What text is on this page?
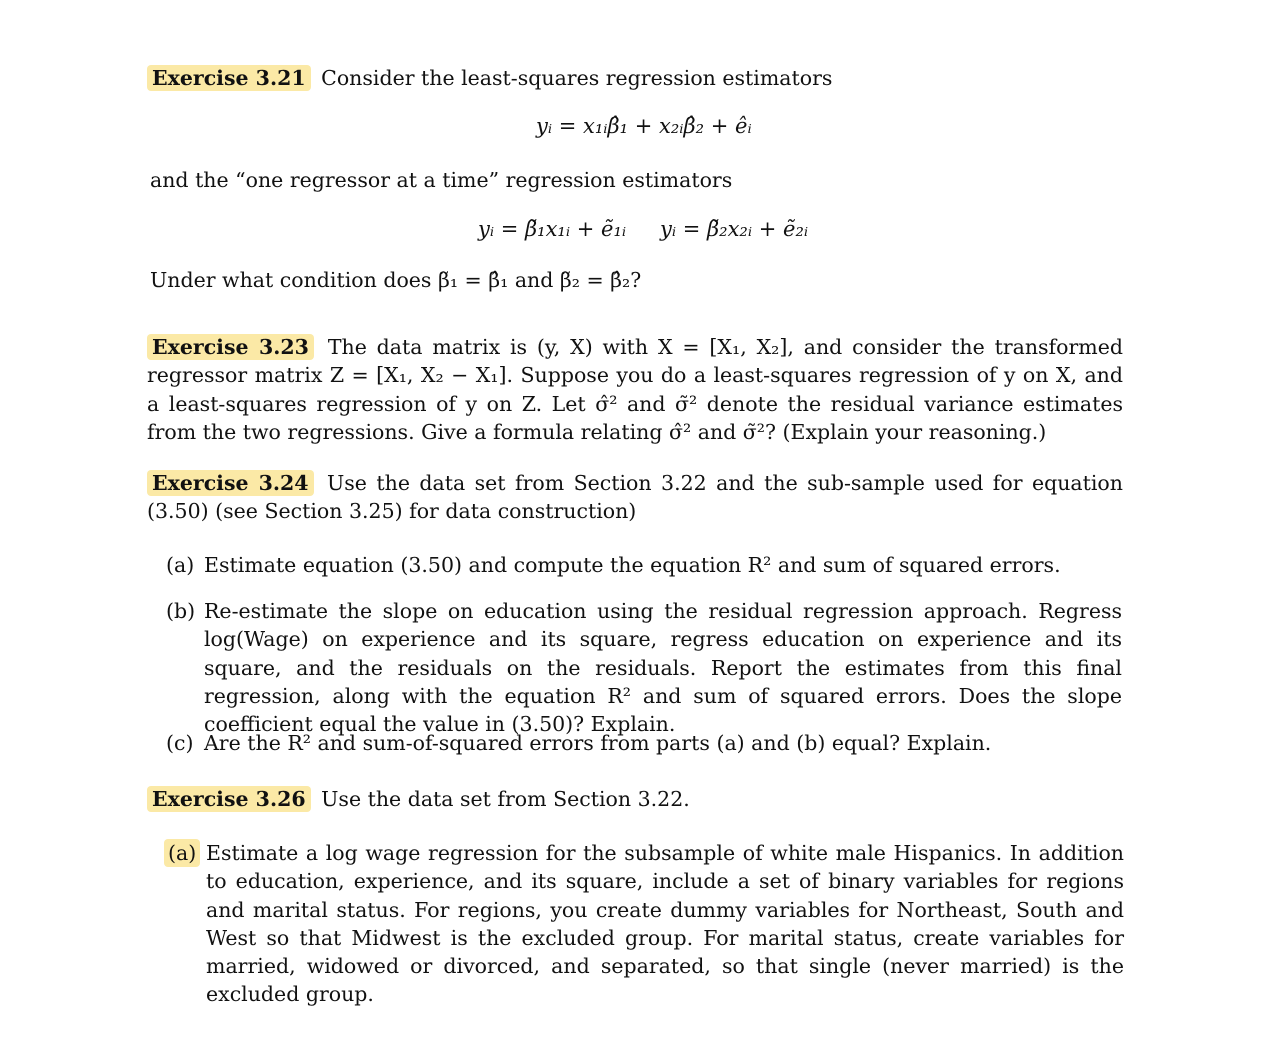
Exercise 3.21 Consider the least-squares regression estimators
yᵢ = x₁ᵢβ̂₁ + x₂ᵢβ̂₂ + êᵢ
and the “one regressor at a time” regression estimators
yᵢ = β̃₁x₁ᵢ + ẽ₁ᵢ yᵢ = β̃₂x₂ᵢ + ẽ₂ᵢ
Under what condition does β̃₁ = β̂₁ and β̃₂ = β̂₂?
Exercise 3.23 The data matrix is (y, X) with X = [X₁, X₂], and consider the transformed regressor matrix Z = [X₁, X₂ − X₁]. Suppose you do a least-squares regression of y on X, and a least-squares regression of y on Z. Let σ̂² and σ̃² denote the residual variance estimates from the two regressions. Give a formula relating σ̂² and σ̃²? (Explain your reasoning.)
Exercise 3.24 Use the data set from Section 3.22 and the sub-sample used for equation (3.50) (see Section 3.25) for data construction)
(a) Estimate equation (3.50) and compute the equation R² and sum of squared errors.
(b) Re-estimate the slope on education using the residual regression approach. Regress log(Wage) on experience and its square, regress education on experience and its square, and the residuals on the residuals. Report the estimates from this final regression, along with the equation R² and sum of squared errors. Does the slope coefficient equal the value in (3.50)? Explain.
(c) Are the R² and sum-of-squared errors from parts (a) and (b) equal? Explain.
Exercise 3.26 Use the data set from Section 3.22.
(a) Estimate a log wage regression for the subsample of white male Hispanics. In addition to education, experience, and its square, include a set of binary variables for regions and marital status. For regions, you create dummy variables for Northeast, South and West so that Midwest is the excluded group. For marital status, create variables for married, widowed or divorced, and separated, so that single (never married) is the excluded group.
